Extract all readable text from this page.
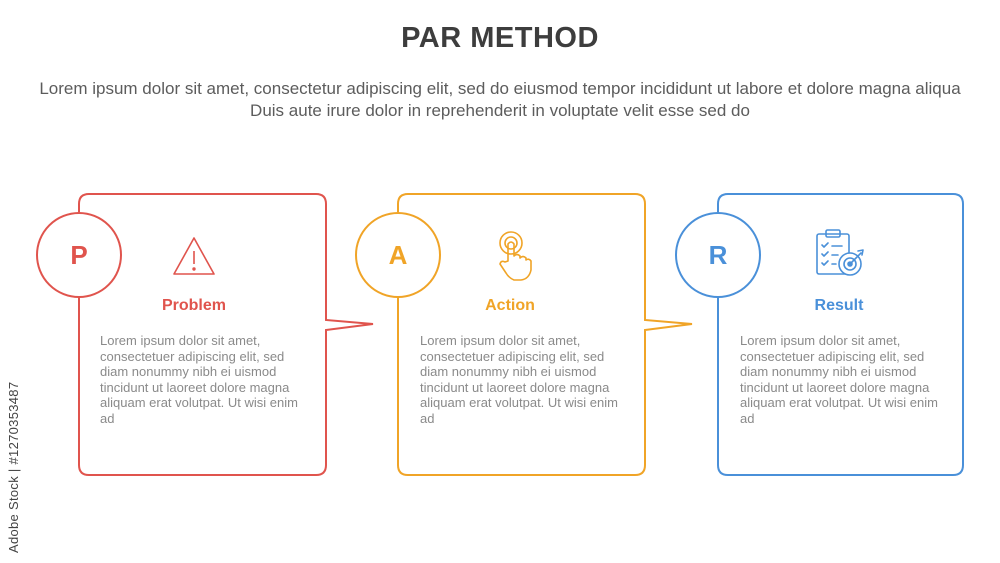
PAR METHOD
Lorem ipsum dolor sit amet, consectetur adipiscing elit, sed do eiusmod tempor incididunt ut labore et dolore magna aliqua Duis aute irure dolor in reprehenderit in voluptate velit esse sed do
P
Problem
Lorem ipsum dolor sit amet, consectetuer adipiscing elit, sed diam nonummy nibh ei uismod tincidunt ut laoreet dolore magna aliquam erat volutpat. Ut wisi enim ad
A
Action
Lorem ipsum dolor sit amet, consectetuer adipiscing elit, sed diam nonummy nibh ei uismod tincidunt ut laoreet dolore magna aliquam erat volutpat. Ut wisi enim ad
R
Result
Lorem ipsum dolor sit amet, consectetuer adipiscing elit, sed diam nonummy nibh ei uismod tincidunt ut laoreet dolore magna aliquam erat volutpat. Ut wisi enim ad
Adobe Stock | #1270353487
